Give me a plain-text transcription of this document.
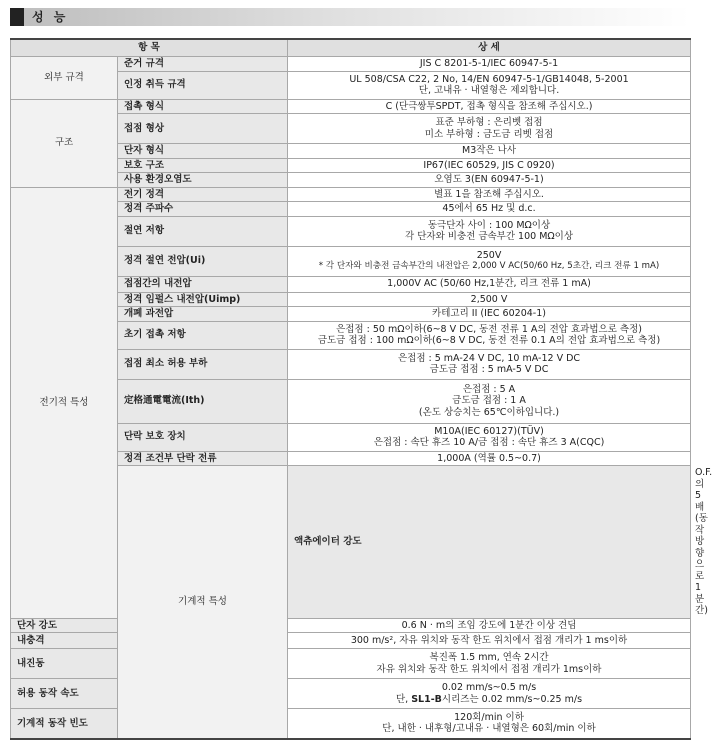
성 능
항 목		상 세	
외부 규격	준거 규격	JIS C 8201-5-1/IEC 60947-5-1	
	인정 취득 규격	UL 508/CSA C22, 2 No, 14/EN 60947-5-1/GB14048, 5-2001
단, 고내유 · 내열형은 제외합니다.	

구조	접촉 형식	C (단극쌍투SPDT, 접촉 형식을 참조해 주십시오.)	
	접점 형상	표준 부하형 : 은리벳 접점
미소 부하형 : 금도금 리벳 접점	

	단자 형식	M3작은 나사	
	보호 구조	IP67(IEC 60529, JIS C 0920)	
	사용 환경오염도	오염도 3(EN 60947-5-1)	
전기적 특성	전기 정격	별표 1을 참조해 주십시오.	
	정격 주파수	45에서 65 Hz 및 d.c.	
	절연 저항	동극단자 사이 : 100 MΩ이상
각 단자와 비충전 금속부간 100 MΩ이상	

	정격 절연 전압(Ui)	250V
* 각 단자와 비충전 금속부간의 내전압은 2,000 V AC(50/60 Hz, 5초간, 리크 전류 1 mA)	

	접점간의 내전압	1,000V AC (50/60 Hz,1분간, 리크 전류 1 mA)	
	정격 임펄스 내전압(Uimp)	2,500 V	
	개폐 과전압	카테고리 II (IEC 60204-1)	
	초기 접촉 저항	은접점 : 50 mΩ이하(6~8 V DC, 동전 전류 1 A의 전압 효과법으로 측정)
금도금 접점 : 100 mΩ이하(6~8 V DC, 동전 전류 0.1 A의 전압 효과법으로 측정)	

	접점 최소 허용 부하	은접점 : 5 mA-24 V DC, 10 mA-12 V DC
금도금 접점 : 5 mA-5 V DC	

	定格通電電流(Ith)	은접점 : 5 A
금도금 접점 : 1 A
(온도 상승치는 65℃이하입니다.)	

	단락 보호 장치	M10A(IEC 60127)(TÜV)
은접점 : 속단 휴즈 10 A/금 접점 : 속단 휴즈 3 A(CQC)	

	정격 조건부 단락 전류	1,000A (역률 0.5~0.7)	
	기계적 특성	액츄에이터 강도	O.F.의 5배(동작 방향으로 1분간)
단자 강도		0.6 N · m의 조임 강도에 1분간 이상 견딤	
내충격		300 m/s², 자유 위치와 동작 한도 위치에서 접점 개리가 1 ms이하	
내진동		복진폭 1.5 mm, 연속 2시간
자유 위치와 동작 한도 위치에서 접점 개리가 1ms이하	

허용 동작 속도		0.02 mm/s~0.5 m/s
단, SL1-B시리즈는 0.02 mm/s~0.25 m/s	

기계적 동작 빈도		120회/min 이하
단, 내한 · 내후형/고내유 · 내열형은 60회/min 이하	
